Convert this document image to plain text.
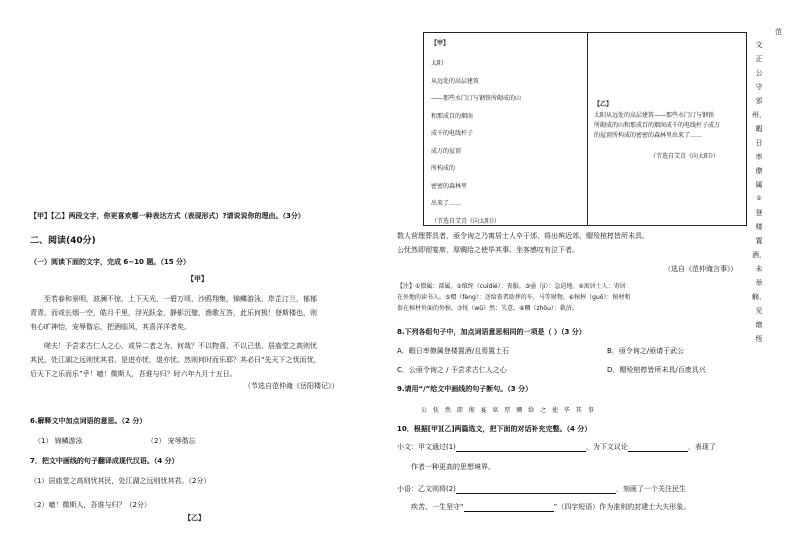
【甲】【乙】两段文字，你更喜欢哪一种表达方式（表现形式）?请说说你的理由。（3分）
二、阅读(40分)
（一）阅读下面的文字，完成 6~10 题。（15 分）
【甲】
至若春和景明，波澜不惊，上下天光，一碧万顷，沙鸥翔集，锦鳞游泳，岸芷汀兰，郁郁
青青。而或长烟一空，皓月千里，浮光跃金，静影沉璧，渔歌互答，此乐何极！登斯楼也，则
有心旷神怡，宠辱偕忘，把酒临风，其喜洋洋者矣。
嗟夫！予尝求古仁人之心，或异二者之为，何哉？不以物喜，不以己悲，居庙堂之高则忧
其民，处江湖之远则忧其君。是进亦忧，退亦忧。然则何时而乐耶？其必曰“先天下之忧而忧，
后天下之乐而乐”乎！噫！微斯人，吾谁与归？时六年九月十五日。
（节选自范仲淹《岳阳楼记》）
6.解释文中加点词语的意思。（2 分）
（1） 锦鳞游泳	（2） 宠辱偕忘
7．把文中画线的句子翻译成现代汉语。（4 分）
（1）居庙堂之高则忧其民，处江湖之远则忧其君。（2分）
（2）噫！微斯人，吾谁与归？（2分）
【乙】
【甲】
太阳
从远处的高层建筑
——那些水门汀与钢铁所砌成的山
和那成百的烟囱
成千的电线杆子
成万的屋顶
所构成的
密密的森林里
出来了……
（节选自艾青《向太阳》）
【乙】
太阳从远处的高层建筑——那些水门汀与钢铁
所砌成的山和那成百的烟囱成千的电线杆子成万
的屋顶所构成的密密的森林里出来了……
（节选自艾青《向太阳》）
范
文
正
公
守
邠
州，
暇
日
率
僚
属
①
登
楼
置
酒，
未
举
觞，
见
缞
绖
数人营理葬具者，亟令询之乃寓居士人卒于邠，将出殡近郊，赗殓棺椁皆所未具。
公怃然即彻宴席，厚赒给之使毕其事。坐客感叹有泣下者。
（选自《范仲淹言事》）
【注】①僚属：部属。②缞绖（cuīdié）：丧服。③亟（jí）：急迫地。④寓居士人：寄居
在外地的读书人。⑤赗（fèng）：送给丧者助葬的车、马等财物。⑥棺椁（guǒ）：棺材和
套在棺材外面的外棺。⑦怃（wǔ）然：失意。⑧赒（zhōu）：救济。
8.下列各组句子中，加点词语意思相同的一项是（ ）（3 分）
A．暇日率僚属登楼置酒/且焉置土石	B．亟令询之/亟请于武公
C．公亟令询之 / 予尝求古仁人之心	D．赗殓棺椁皆所未具/百废具兴
9.请用“/”给文中画线的句子断句。（3 分）
公 怃 然 即 彻 宴 席 厚 赒 给 之 使 毕 其 事
10．根据[甲][乙]两篇选文，把下面的对话补充完整。（4 分）
小文：甲文通过(1)	，为下文议论	，表现了
作者一种更高的思想境界。
小语：乙文则将(2)	，刻画了一个关注民生
疾苦、一生坚守“	”（四字短语）作为准则的封建士大夫形象。
